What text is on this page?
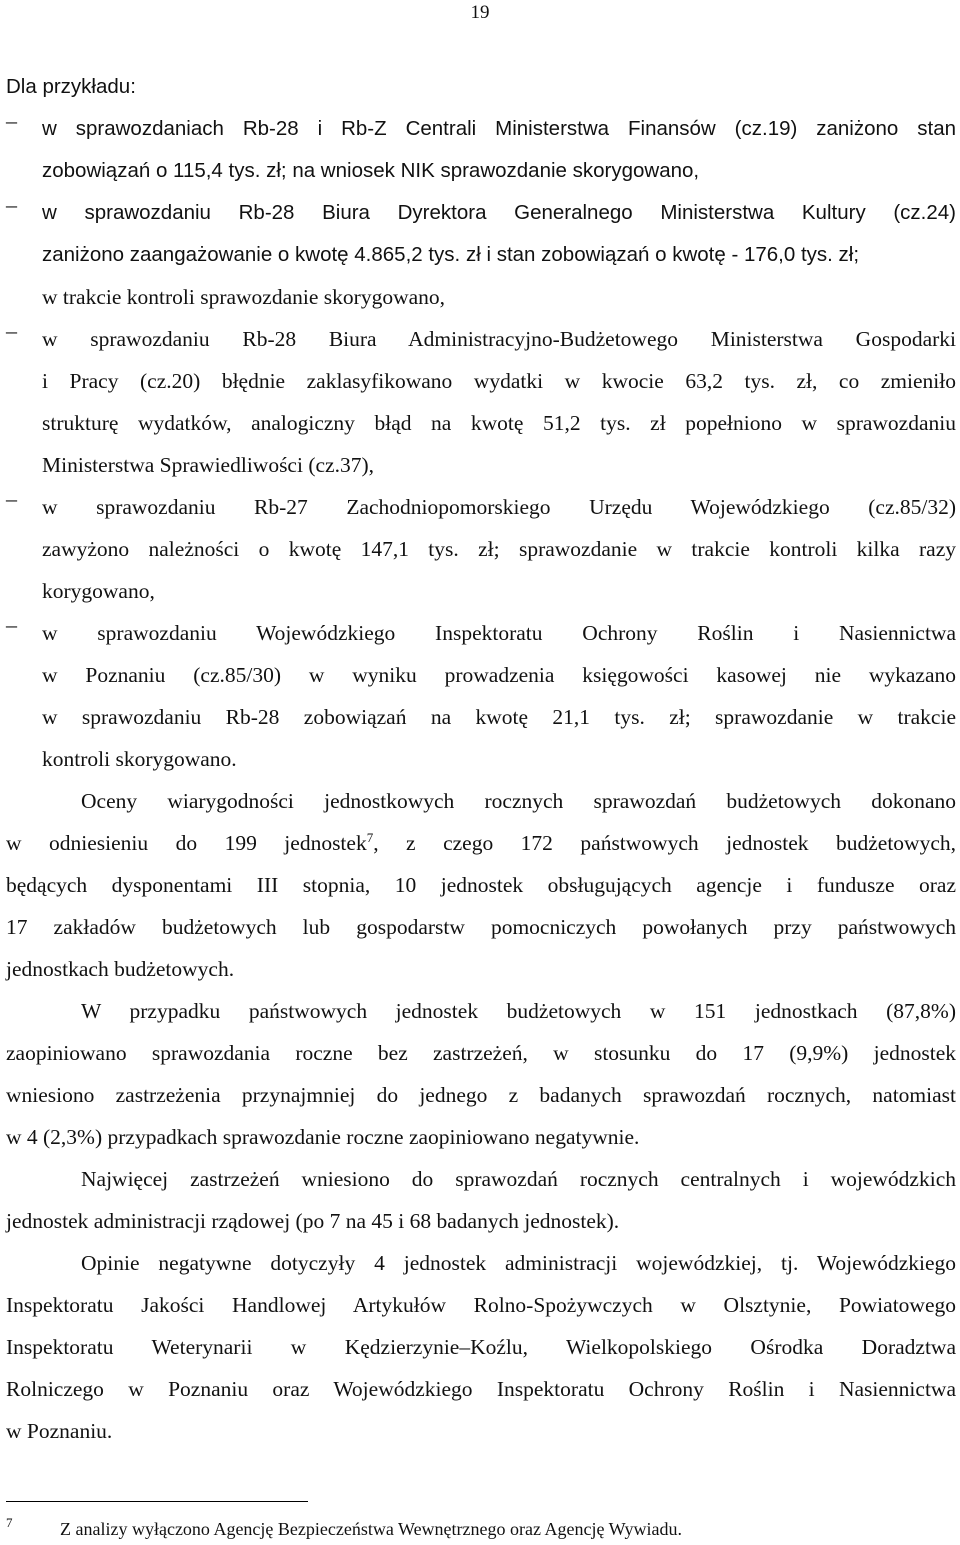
19
Dla przykładu:
– w sprawozdaniach Rb-28 i Rb-Z Centrali Ministerstwa Finansów (cz.19) zaniżono stan
zobowiązań o 115,4 tys. zł; na wniosek NIK sprawozdanie skorygowano,
– w sprawozdaniu Rb-28 Biura Dyrektora Generalnego Ministerstwa Kultury (cz.24)
zaniżono zaangażowanie o kwotę 4.865,2 tys. zł i stan zobowiązań o kwotę - 176,0 tys. zł;
w trakcie kontroli sprawozdanie skorygowano,
– w sprawozdaniu Rb-28 Biura Administracyjno-Budżetowego Ministerstwa Gospodarki
i Pracy (cz.20) błędnie zaklasyfikowano wydatki w kwocie 63,2 tys. zł, co zmieniło
strukturę wydatków, analogiczny błąd na kwotę 51,2 tys. zł popełniono w sprawozdaniu
Ministerstwa Sprawiedliwości (cz.37),
– w sprawozdaniu Rb-27 Zachodniopomorskiego Urzędu Wojewódzkiego (cz.85/32)
zawyżono należności o kwotę 147,1 tys. zł; sprawozdanie w trakcie kontroli kilka razy
korygowano,
– w sprawozdaniu Wojewódzkiego Inspektoratu Ochrony Roślin i Nasiennictwa
w Poznaniu (cz.85/30) w wyniku prowadzenia księgowości kasowej nie wykazano
w sprawozdaniu Rb-28 zobowiązań na kwotę 21,1 tys. zł; sprawozdanie w trakcie
kontroli skorygowano.
Oceny wiarygodności jednostkowych rocznych sprawozdań budżetowych dokonano
w odniesieniu do 199 jednostek$^7$, z czego 172 państwowych jednostek budżetowych,
będących dysponentami III stopnia, 10 jednostek obsługujących agencje i fundusze oraz
17 zakładów budżetowych lub gospodarstw pomocniczych powołanych przy państwowych
jednostkach budżetowych.
W przypadku państwowych jednostek budżetowych w 151 jednostkach (87,8%)
zaopiniowano sprawozdania roczne bez zastrzeżeń, w stosunku do 17 (9,9%) jednostek
wniesiono zastrzeżenia przynajmniej do jednego z badanych sprawozdań rocznych, natomiast
w 4 (2,3%) przypadkach sprawozdanie roczne zaopiniowano negatywnie.
Najwięcej zastrzeżeń wniesiono do sprawozdań rocznych centralnych i wojewódzkich
jednostek administracji rządowej (po 7 na 45 i 68 badanych jednostek).
Opinie negatywne dotyczyły 4 jednostek administracji wojewódzkiej, tj. Wojewódzkiego
Inspektoratu Jakości Handlowej Artykułów Rolno-Spożywczych w Olsztynie, Powiatowego
Inspektoratu Weterynarii w Kędzierzynie–Koźlu, Wielkopolskiego Ośrodka Doradztwa
Rolniczego w Poznaniu oraz Wojewódzkiego Inspektoratu Ochrony Roślin i Nasiennictwa
w Poznaniu.
7	Z analizy wyłączono Agencję Bezpieczeństwa Wewnętrznego oraz Agencję Wywiadu.
